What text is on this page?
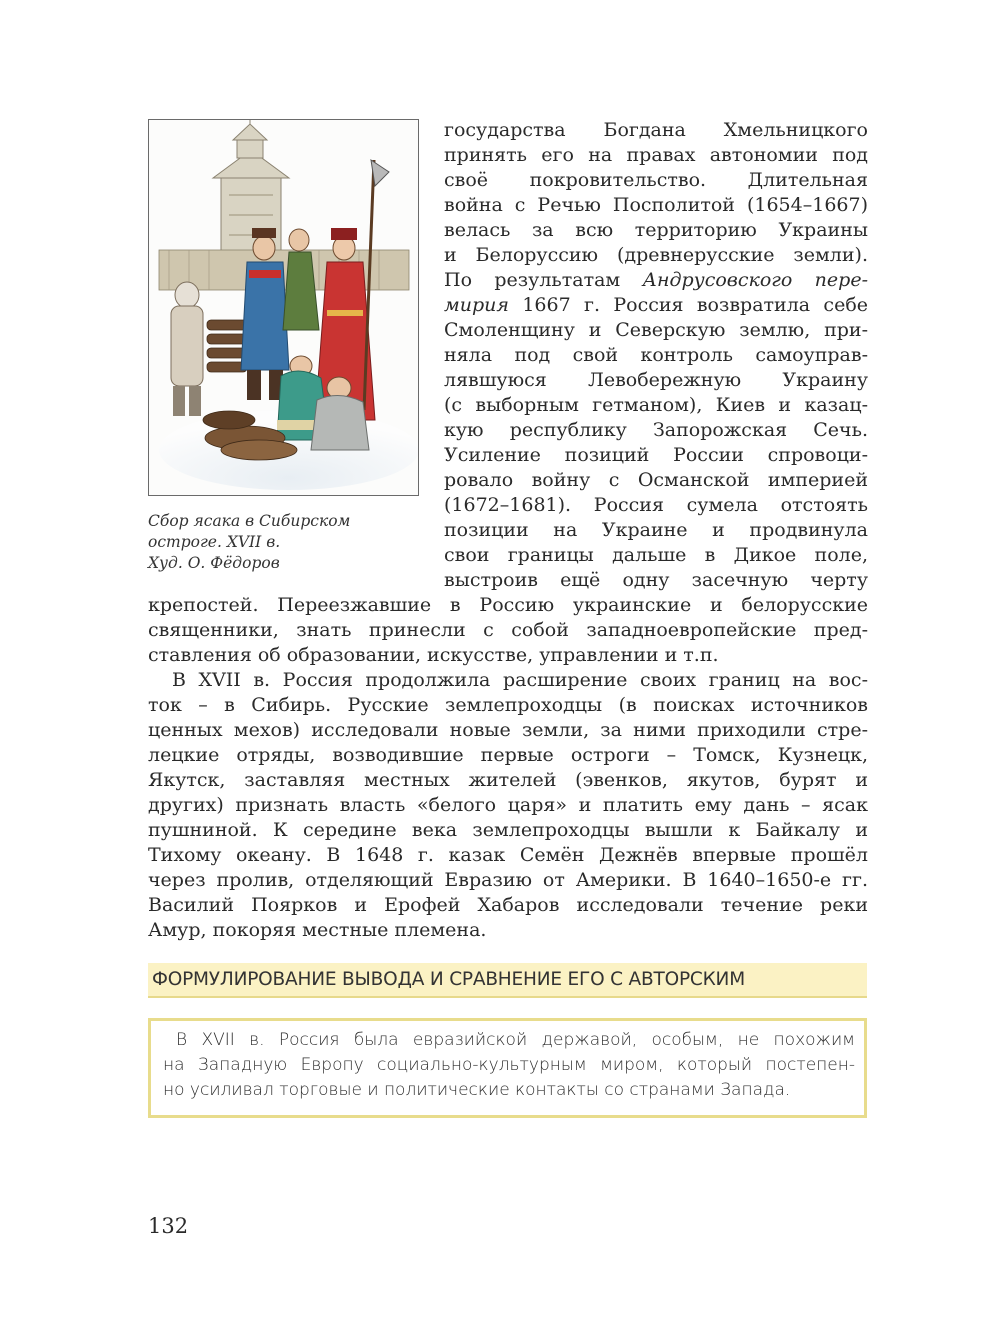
Сбор ясака в Сибирском
остроге. XVII в.
Худ. О. Фёдоров
государства Богдана Хмельницкого
принять его на правах автономии под
своё покровительство. Длительная
война с Речью Посполитой (1654–1667)
велась за всю территорию Украины
и Белоруссию (древнерусские земли).
По результатам Андрусовского пере-
мирия 1667 г. Россия возвратила себе
Смоленщину и Северскую землю, при-
няла под свой контроль самоуправ-
лявшуюся Левобережную Украину
(с выборным гетманом), Киев и казац-
кую республику Запорожская Сечь.
Усиление позиций России спровоци-
ровало войну с Османской империей
(1672–1681). Россия сумела отстоять
позиции на Украине и продвинула
свои границы дальше в Дикое поле,
выстроив ещё одну засечную черту
крепостей. Переезжавшие в Россию украинские и белорусские
священники, знать принесли с собой западноевропейские пред-
ставления об образовании, искусстве, управлении и т.п.
В XVII в. Россия продолжила расширение своих границ на вос-
ток – в Сибирь. Русские землепроходцы (в поисках источников
ценных мехов) исследовали новые земли, за ними приходили стре-
лецкие отряды, возводившие первые остроги – Томск, Кузнецк,
Якутск, заставляя местных жителей (эвенков, якутов, бурят и
других) признать власть «белого царя» и платить ему дань – ясак
пушниной. К середине века землепроходцы вышли к Байкалу и
Тихому океану. В 1648 г. казак Семён Дежнёв впервые прошёл
через пролив, отделяющий Евразию от Америки. В 1640–1650-е гг.
Василий Поярков и Ерофей Хабаров исследовали течение реки
Амур, покоряя местные племена.
ФОРМУЛИРОВАНИЕ ВЫВОДА И СРАВНЕНИЕ ЕГО С АВТОРСКИМ
В XVII в. Россия была евразийской державой, особым, не похожим
на Западную Европу социально-культурным миром, который постепен-
но усиливал торговые и политические контакты со странами Запада.
132
